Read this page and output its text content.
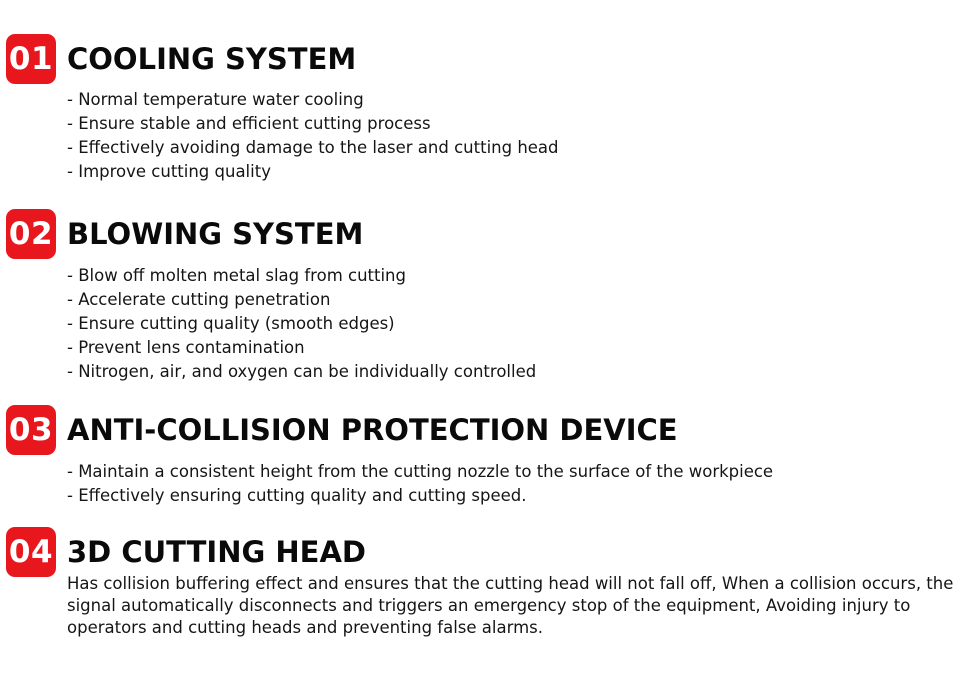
01 COOLING SYSTEM
- Normal temperature water cooling
- Ensure stable and efficient cutting process
- Effectively avoiding damage to the laser and cutting head
- Improve cutting quality
02 BLOWING SYSTEM
- Blow off molten metal slag from cutting
- Accelerate cutting penetration
- Ensure cutting quality (smooth edges)
- Prevent lens contamination
- Nitrogen, air, and oxygen can be individually controlled
03 ANTI-COLLISION PROTECTION DEVICE
- Maintain a consistent height from the cutting nozzle to the surface of the workpiece
- Effectively ensuring cutting quality and cutting speed.
04 3D CUTTING HEAD

Has collision buffering effect and ensures that the cutting head will not fall off, When a collision occurs, the signal automatically disconnects and triggers an emergency stop of the equipment, Avoiding injury to operators and cutting heads and preventing false alarms.
